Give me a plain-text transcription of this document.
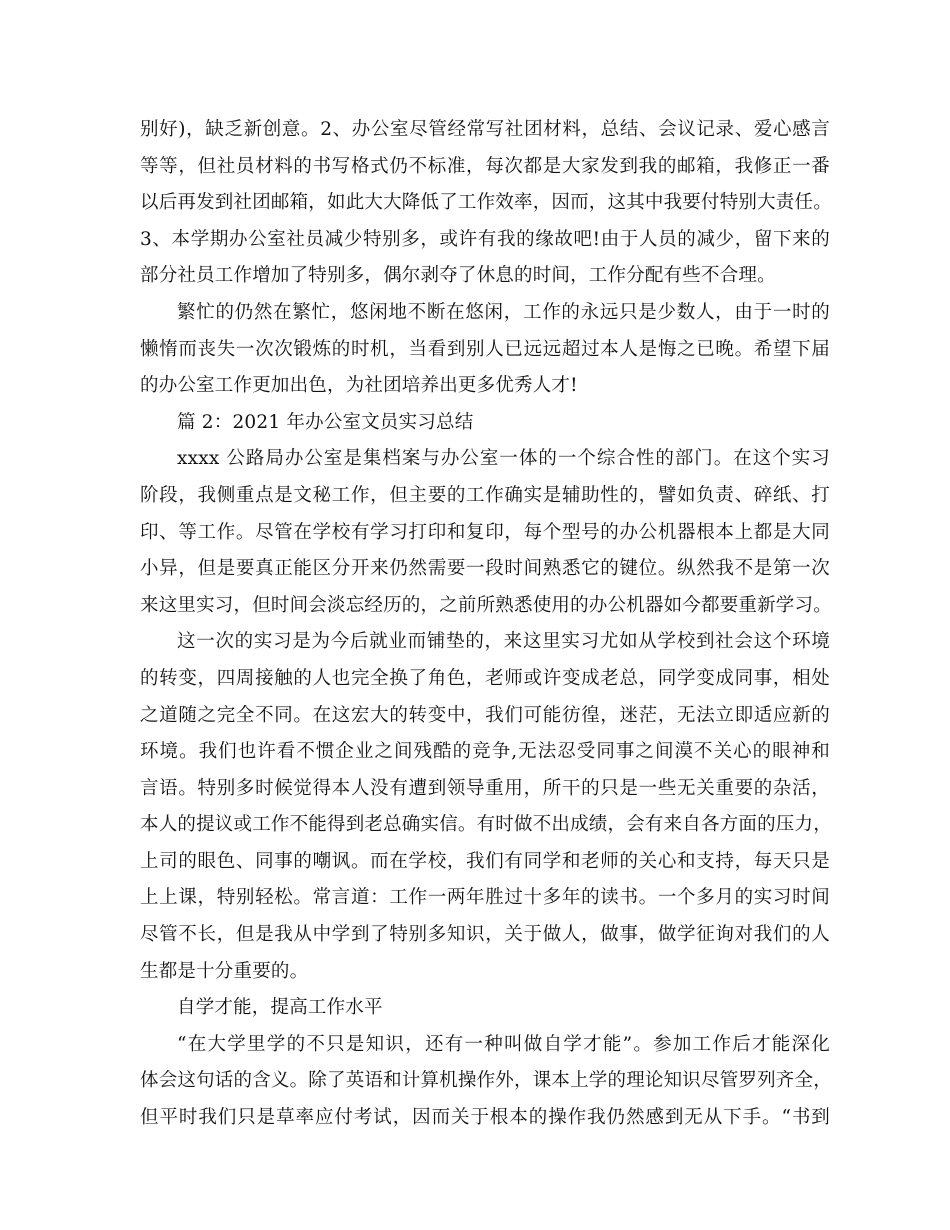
别好)，缺乏新创意。2、办公室尽管经常写社团材料，总结、会议记录、爱心感言
等等，但社员材料的书写格式仍不标准，每次都是大家发到我的邮箱，我修正一番
以后再发到社团邮箱，如此大大降低了工作效率，因而，这其中我要付特别大责任。
3、本学期办公室社员减少特别多，或许有我的缘故吧!由于人员的减少，留下来的
部分社员工作增加了特别多，偶尔剥夺了休息的时间，工作分配有些不合理。
繁忙的仍然在繁忙，悠闲地不断在悠闲，工作的永远只是少数人，由于一时的
懒惰而丧失一次次锻炼的时机，当看到别人已远远超过本人是悔之已晚。希望下届
的办公室工作更加出色，为社团培养出更多优秀人才!
篇 2：2021 年办公室文员实习总结
xxxx 公路局办公室是集档案与办公室一体的一个综合性的部门。在这个实习
阶段，我侧重点是文秘工作，但主要的工作确实是辅助性的，譬如负责、碎纸、打
印、等工作。尽管在学校有学习打印和复印，每个型号的办公机器根本上都是大同
小异，但是要真正能区分开来仍然需要一段时间熟悉它的键位。纵然我不是第一次
来这里实习，但时间会淡忘经历的，之前所熟悉使用的办公机器如今都要重新学习。
这一次的实习是为今后就业而铺垫的，来这里实习尤如从学校到社会这个环境
的转变，四周接触的人也完全换了角色，老师或许变成老总，同学变成同事，相处
之道随之完全不同。在这宏大的转变中，我们可能彷徨，迷茫，无法立即适应新的
环境。我们也许看不惯企业之间残酷的竞争,无法忍受同事之间漠不关心的眼神和
言语。特别多时候觉得本人没有遭到领导重用，所干的只是一些无关重要的杂活，
本人的提议或工作不能得到老总确实信。有时做不出成绩，会有来自各方面的压力，
上司的眼色、同事的嘲讽。而在学校，我们有同学和老师的关心和支持，每天只是
上上课，特别轻松。常言道：工作一两年胜过十多年的读书。一个多月的实习时间
尽管不长，但是我从中学到了特别多知识，关于做人，做事，做学征询对我们的人
生都是十分重要的。
自学才能，提高工作水平
“在大学里学的不只是知识，还有一种叫做自学才能”。参加工作后才能深化
体会这句话的含义。除了英语和计算机操作外，课本上学的理论知识尽管罗列齐全，
但平时我们只是草率应付考试，因而关于根本的操作我仍然感到无从下手。“书到
